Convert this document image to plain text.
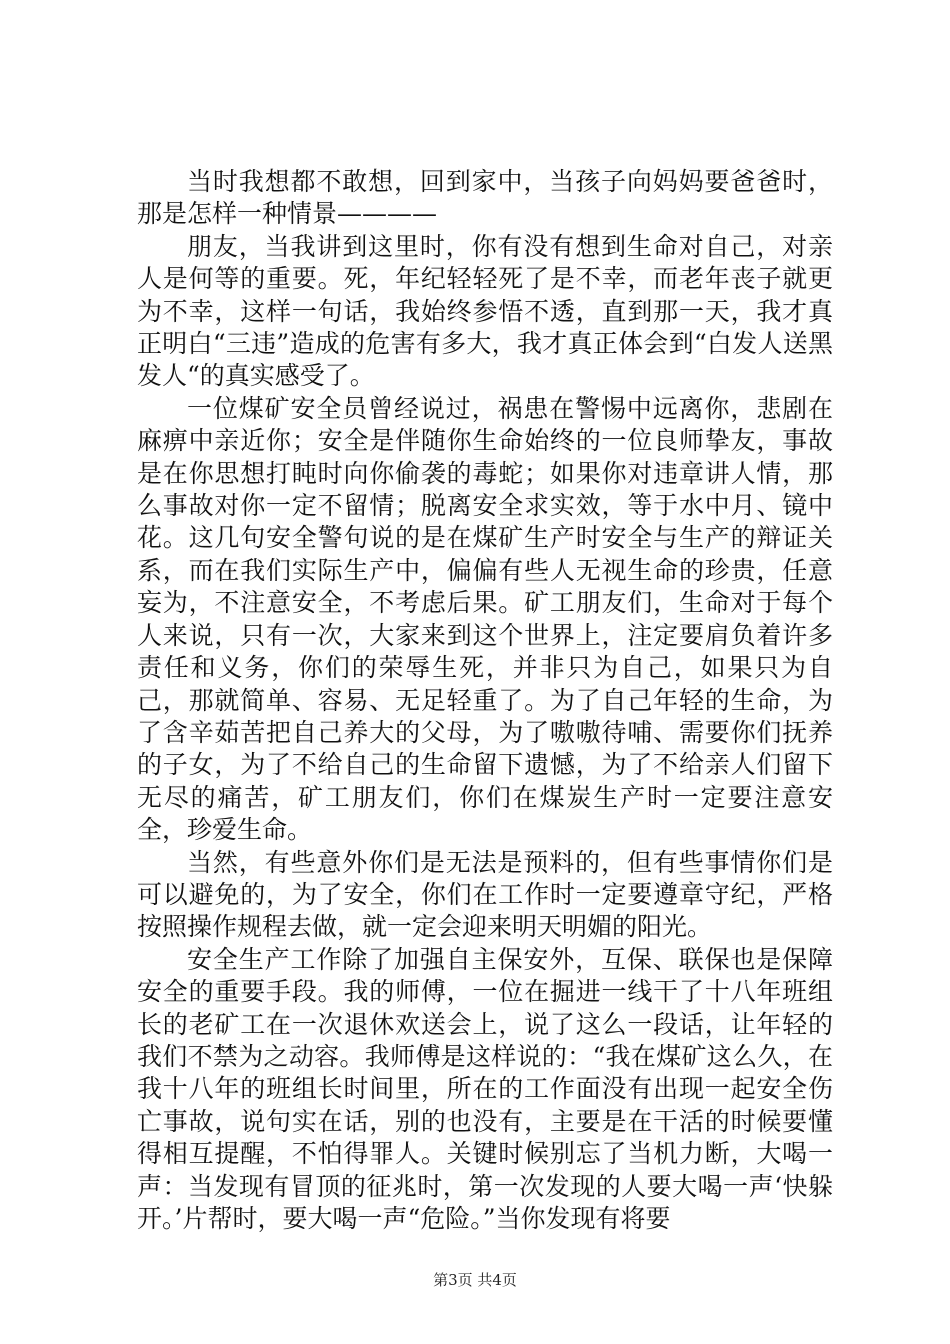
当时我想都不敢想，回到家中，当孩子向妈妈要爸爸时，那是怎样一种情景————

朋友，当我讲到这里时，你有没有想到生命对自己，对亲人是何等的重要。死，年纪轻轻死了是不幸，而老年丧子就更为不幸，这样一句话，我始终参悟不透，直到那一天，我才真正明白“三违”造成的危害有多大，我才真正体会到“白发人送黑发人“的真实感受了。

一位煤矿安全员曾经说过，祸患在警惕中远离你，悲剧在麻痹中亲近你；安全是伴随你生命始终的一位良师挚友，事故是在你思想打盹时向你偷袭的毒蛇；如果你对违章讲人情，那么事故对你一定不留情；脱离安全求实效，等于水中月、镜中花。这几句安全警句说的是在煤矿生产时安全与生产的辩证关系，而在我们实际生产中，偏偏有些人无视生命的珍贵，任意妄为，不注意安全，不考虑后果。矿工朋友们，生命对于每个人来说，只有一次，大家来到这个世界上，注定要肩负着许多责任和义务，你们的荣辱生死，并非只为自己，如果只为自己，那就简单、容易、无足轻重了。为了自己年轻的生命，为了含辛茹苦把自己养大的父母，为了嗷嗷待哺、需要你们抚养的子女，为了不给自己的生命留下遗憾，为了不给亲人们留下无尽的痛苦，矿工朋友们，你们在煤炭生产时一定要注意安全，珍爱生命。

当然，有些意外你们是无法是预料的，但有些事情你们是可以避免的，为了安全，你们在工作时一定要遵章守纪，严格按照操作规程去做，就一定会迎来明天明媚的阳光。

安全生产工作除了加强自主保安外，互保、联保也是保障安全的重要手段。我的师傅，一位在掘进一线干了十八年班组长的老矿工在一次退休欢送会上，说了这么一段话，让年轻的我们不禁为之动容。我师傅是这样说的：“我在煤矿这么久，在我十八年的班组长时间里，所在的工作面没有出现一起安全伤亡事故，说句实在话，别的也没有，主要是在干活的时候要懂得相互提醒，不怕得罪人。关键时候别忘了当机力断，大喝一声：当发现有冒顶的征兆时，第一次发现的人要大喝一声‘快躲开。’片帮时，要大喝一声“危险。”当你发现有将要

第3页 共4页
